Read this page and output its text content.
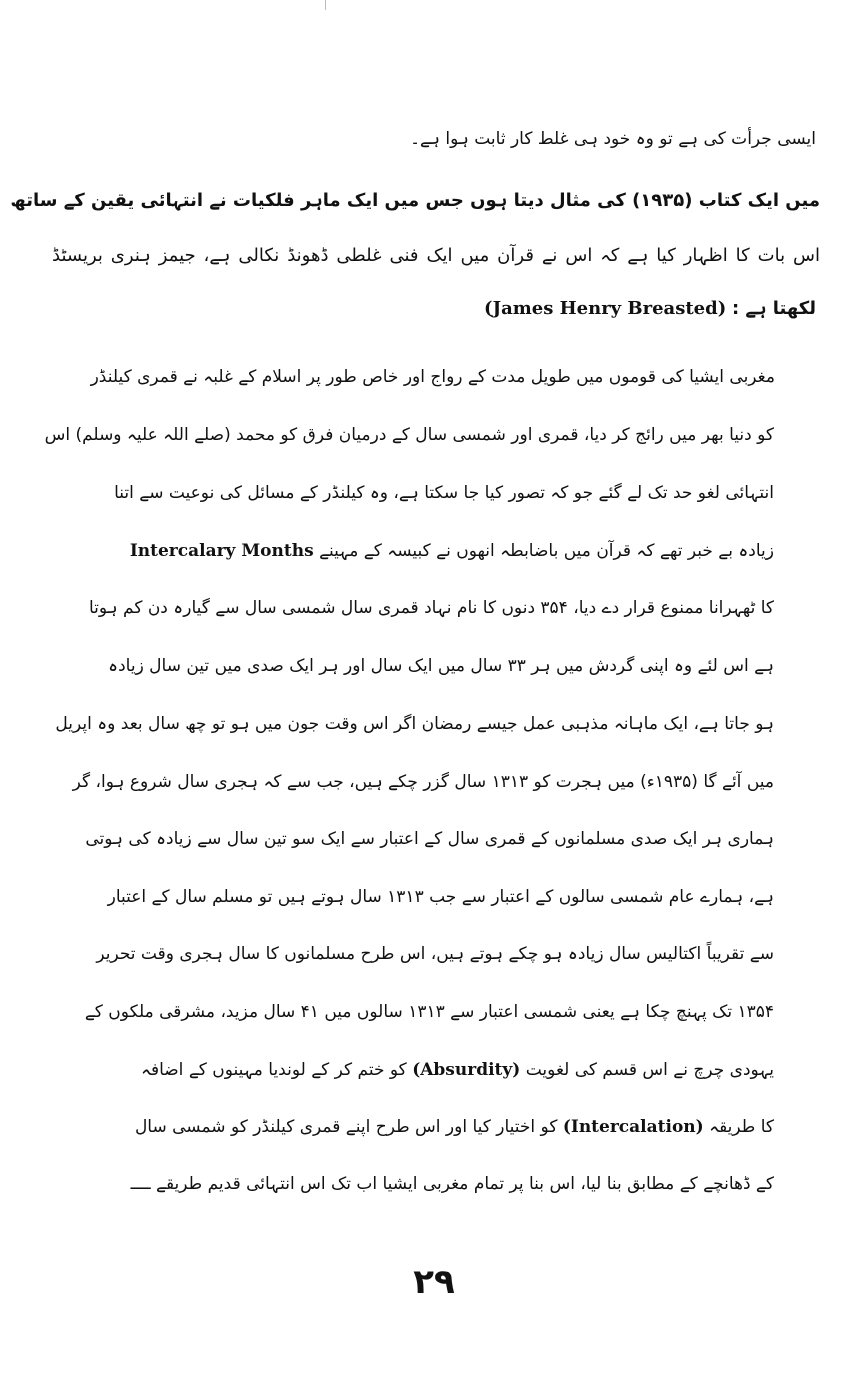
ایسی جرأت کی ہے تو وہ خود ہی غلط کار ثابت ہوا ہے۔
میں ایک کتاب (۱۹۳۵) کی مثال دیتا ہوں جس میں ایک ماہر فلکیات نے انتہائی یقین کے ساتھ
اس بات کا اظہار کیا ہے کہ اس نے قرآن میں ایک فنی غلطی ڈھونڈ نکالی ہے، جیمز ہنری بریسٹڈ
لکھتا ہے : (James Henry Breasted)
مغربی ایشیا کی قوموں میں طویل مدت کے رواج اور خاص طور پر اسلام کے غلبہ نے قمری کیلنڈر
کو دنیا بھر میں رائج کر دیا، قمری اور شمسی سال کے درمیان فرق کو محمد (صلے اللہ علیہ وسلم) اس
انتہائی لغو حد تک لے گئے جو کہ تصور کیا جا سکتا ہے، وہ کیلنڈر کے مسائل کی نوعیت سے اتنا
زیادہ بے خبر تھے کہ قرآن میں باضابطہ انھوں نے کبیسہ کے مہینے Intercalary Months
کا ٹھہرانا ممنوع قرار دے دیا، ۳۵۴ دنوں کا نام نہاد قمری سال شمسی سال سے گیارہ دن کم ہوتا
ہے اس لئے وہ اپنی گردش میں ہر ۳۳ سال میں ایک سال اور ہر ایک صدی میں تین سال زیادہ
ہو جاتا ہے، ایک ماہانہ مذہبی عمل جیسے رمضان اگر اس وقت جون میں ہو تو چھ سال بعد وہ اپریل
میں آئے گا (۱۹۳۵ء) میں ہجرت کو ۱۳۱۳ سال گزر چکے ہیں، جب سے کہ ہجری سال شروع ہوا، گر
ہماری ہر ایک صدی مسلمانوں کے قمری سال کے اعتبار سے ایک سو تین سال سے زیادہ کی ہوتی
ہے، ہمارے عام شمسی سالوں کے اعتبار سے جب ۱۳۱۳ سال ہوتے ہیں تو مسلم سال کے اعتبار
سے تقریباً اکتالیس سال زیادہ ہو چکے ہوتے ہیں، اس طرح مسلمانوں کا سال ہجری وقت تحریر
۱۳۵۴ تک پہنچ چکا ہے یعنی شمسی اعتبار سے ۱۳۱۳ سالوں میں ۴۱ سال مزید، مشرقی ملکوں کے
یہودی چرچ نے اس قسم کی لغویت (Absurdity) کو ختم کر کے لوندیا مہینوں کے اضافہ
کا طریقہ (Intercalation) کو اختیار کیا اور اس طرح اپنے قمری کیلنڈر کو شمسی سال
کے ڈھانچے کے مطابق بنا لیا، اس بنا پر تمام مغربی ایشیا اب تک اس انتہائی قدیم طریقے ــــ
۲۹
